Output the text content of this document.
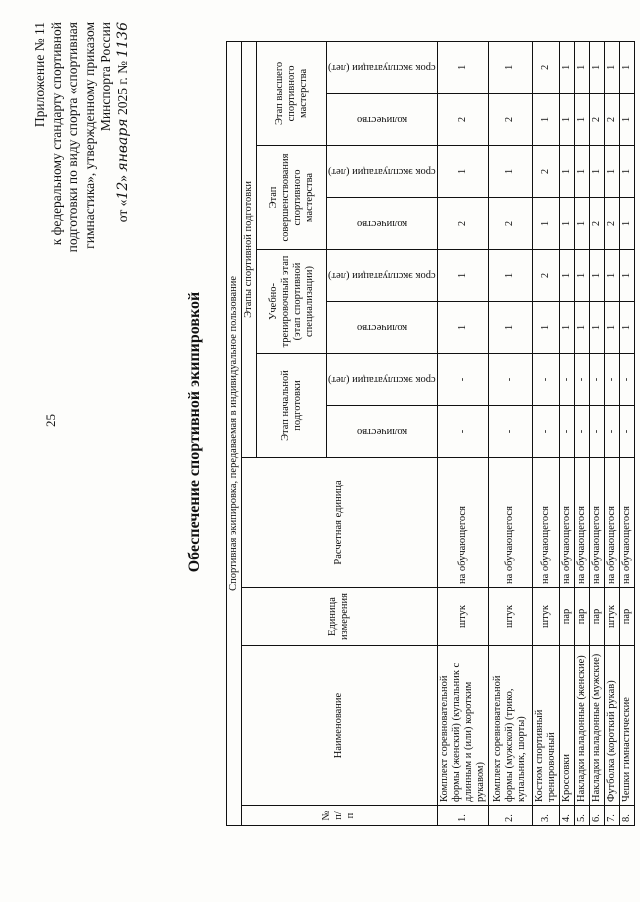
25
Приложение № 11 к федеральному стандарту спортивной подготовки по виду спорта «спортивная гимнастика», утвержденному приказом Минспорта России
от «12» января 2025 г. № 1136
Обеспечение спортивной экипировкой Спортивная экипировка, передаваемая в индивидуальное пользование											
№ п/п	Наименование	Единица измерения	Расчетная единица	Этапы спортивной подготовки							
				Этап начальной подготовки		Учебно-тренировочный этап (этап спортивной специализации)		Этап совершенствования спортивного мастерства		Этап высшего спортивного мастерства	

				количество	срок эксплуатации (лет)	количество	срок эксплуатации (лет)	количество	срок эксплуатации (лет)	количество	срок эксплуатации (лет)

1.	Комплект соревновательной формы (женский) (купальник с длинным и (или) коротким рукавом)	штук	на обучающегося	-	-	1	1	2	1	2	1
2.	Комплект соревновательной формы (мужской) (трико, купальник, шорты)	штук	на обучающегося	-	-	1	1	2	1	2	1
3.	Костюм спортивный тренировочный	штук	на обучающегося	-	-	1	2	1	2	1	2
4.	Кроссовки	пар	на обучающегося	-	-	1	1	1	1	1	1
5.	Накладки наладонные (женские)	пар	на обучающегося	-	-	1	1	1	1	1	1
6.	Накладки наладонные (мужские)	пар	на обучающегося	-	-	1	1	2	1	2	1
7.	Футболка (короткий рукав)	штук	на обучающегося	-	-	1	1	2	1	2	1
8.	Чешки гимнастические	пар	на обучающегося	-	-	1	1	1	1	1	1
